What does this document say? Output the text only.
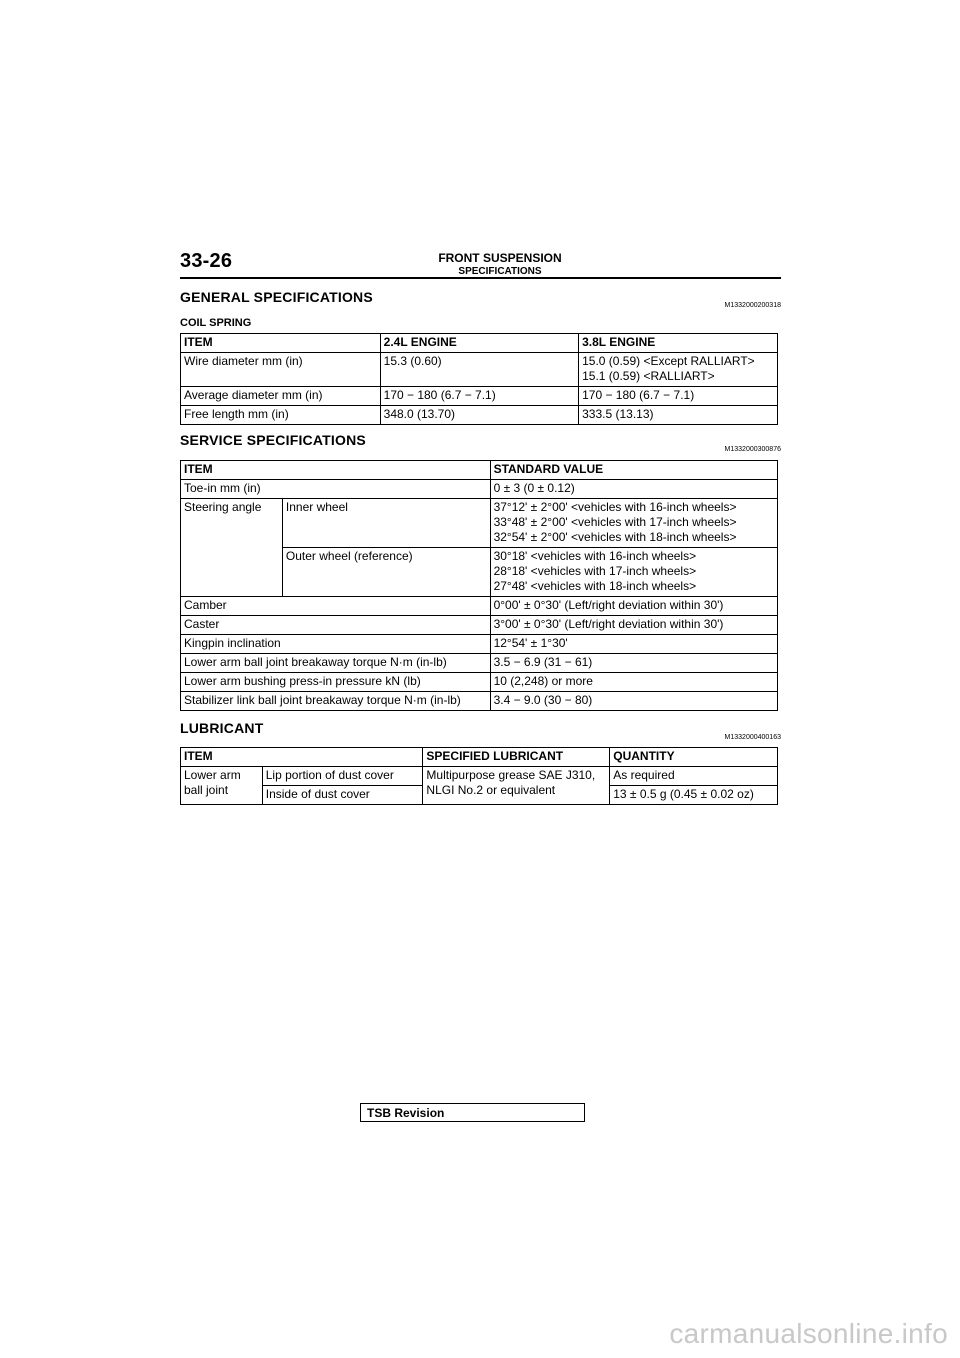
33-26	FRONT SUSPENSION
SPECIFICATIONS
GENERAL SPECIFICATIONS
M1332000200318
COIL SPRING
ITEM	2.4L ENGINE	3.8L ENGINE
Wire diameter mm (in)	15.3 (0.60)	15.0 (0.59) <Except RALLIART>
15.1 (0.59) <RALLIART>

Average diameter mm (in)	170 − 180 (6.7 − 7.1)	170 − 180 (6.7 − 7.1)
Free length mm (in)	348.0 (13.70)	333.5 (13.13)
SERVICE SPECIFICATIONS
M1332000300876
ITEM		STANDARD VALUE
Toe-in mm (in)		0 ± 3 (0 ± 0.12)
Steering angle	Inner wheel	37°12' ± 2°00' <vehicles with 16-inch wheels>
33°48' ± 2°00' <vehicles with 17-inch wheels>
32°54' ± 2°00' <vehicles with 18-inch wheels>

	Outer wheel (reference)	30°18' <vehicles with 16-inch wheels>
28°18' <vehicles with 17-inch wheels>
27°48' <vehicles with 18-inch wheels>

Camber		0°00' ± 0°30' (Left/right deviation within 30')
Caster		3°00' ± 0°30' (Left/right deviation within 30')
Kingpin inclination		12°54' ± 1°30'
Lower arm ball joint breakaway torque N·m (in-lb)		3.5 − 6.9 (31 − 61)
Lower arm bushing press-in pressure kN (lb)		10 (2,248) or more
Stabilizer link ball joint breakaway torque N·m (in-lb)		3.4 − 9.0 (30 − 80)
LUBRICANT
M1332000400163
ITEM		SPECIFIED LUBRICANT	QUANTITY

Lower arm
ball joint	Lip portion of dust cover	Multipurpose grease SAE J310,
NLGI No.2 or equivalent	As required
	Inside of dust cover		13 ± 0.5 g (0.45 ± 0.02 oz)
TSB Revision
carmanualsonline.info
